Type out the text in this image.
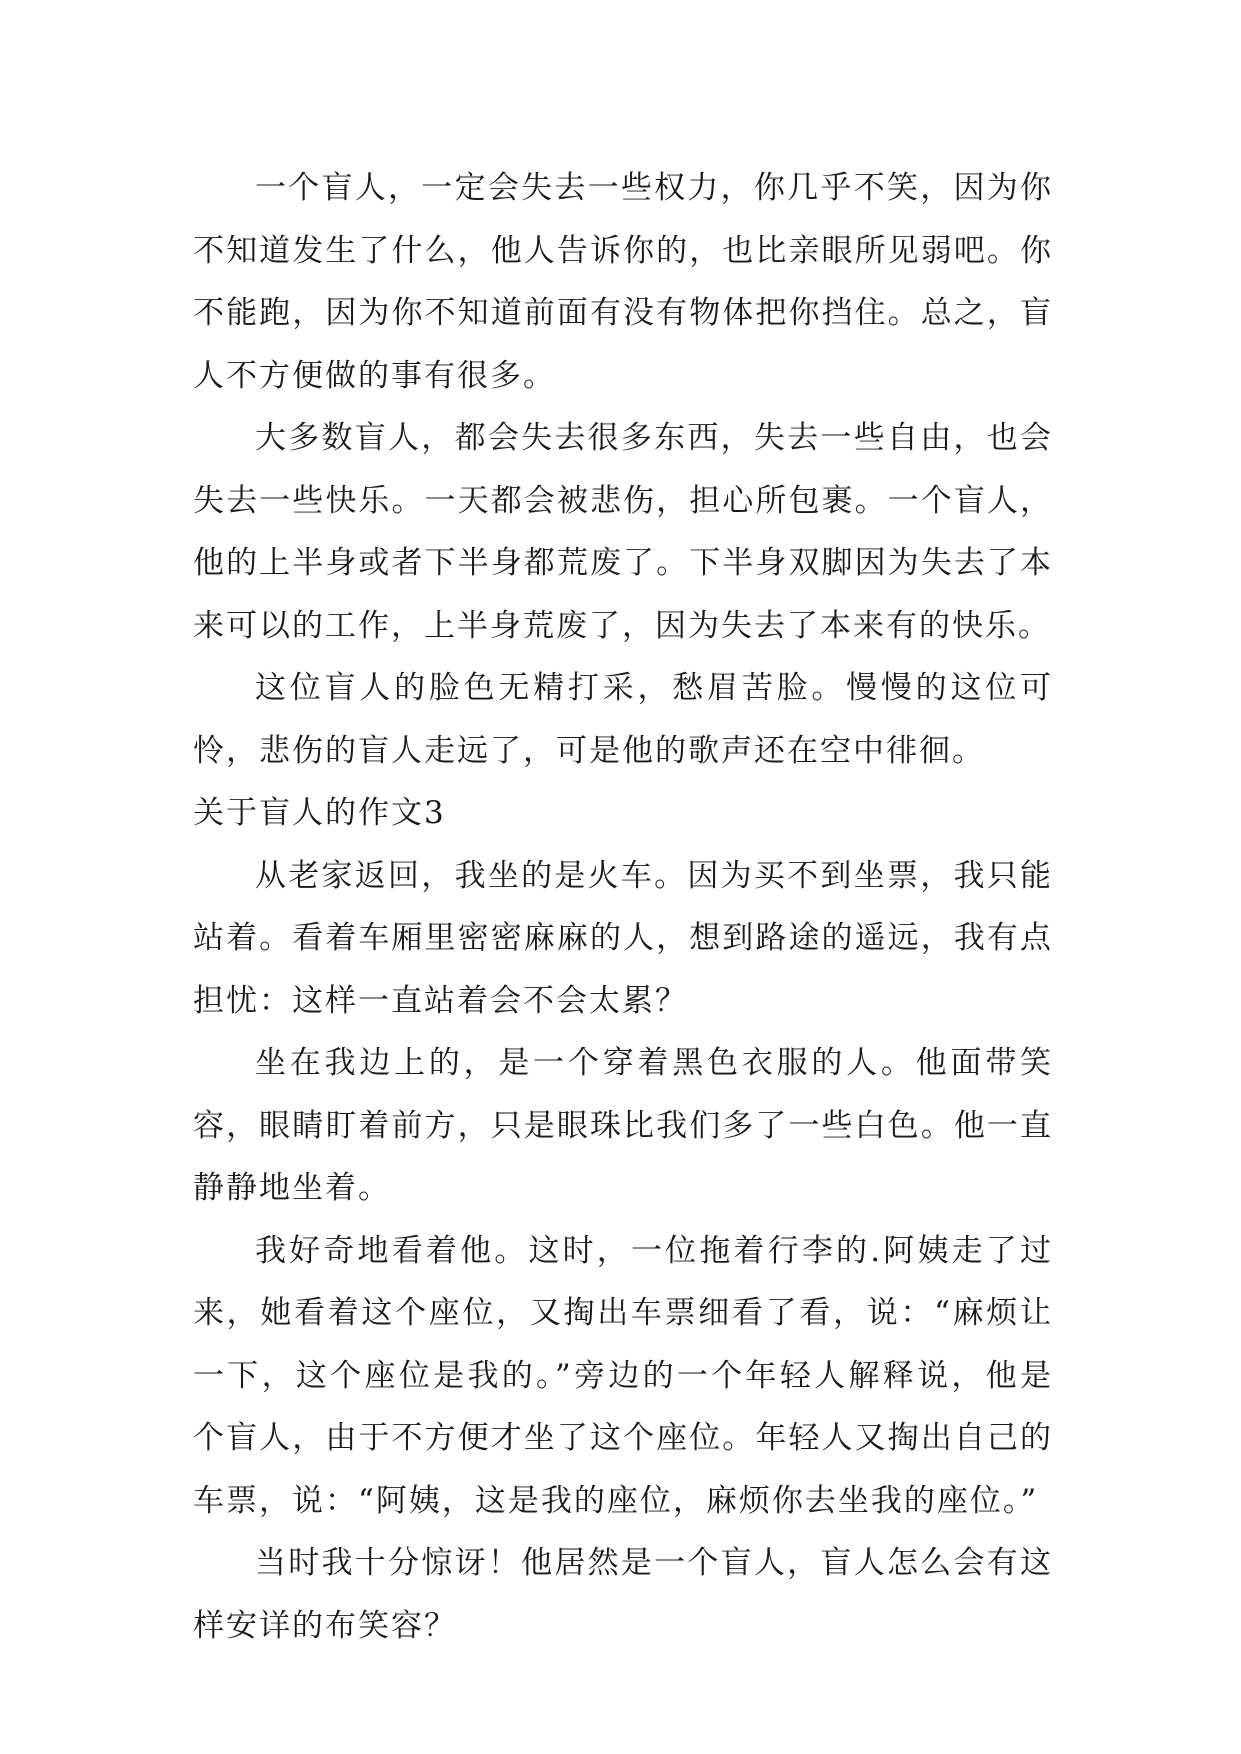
一个盲人，一定会失去一些权力，你几乎不笑，因为你不知道发生了什么，他人告诉你的，也比亲眼所见弱吧。你不能跑，因为你不知道前面有没有物体把你挡住。总之，盲人不方便做的事有很多。

大多数盲人，都会失去很多东西，失去一些自由，也会失去一些快乐。一天都会被悲伤，担心所包裹。一个盲人，他的上半身或者下半身都荒废了。下半身双脚因为失去了本来可以的工作，上半身荒废了，因为失去了本来有的快乐。

这位盲人的脸色无精打采，愁眉苦脸。慢慢的这位可怜，悲伤的盲人走远了，可是他的歌声还在空中徘徊。

关于盲人的作文3

从老家返回，我坐的是火车。因为买不到坐票，我只能站着。看着车厢里密密麻麻的人，想到路途的遥远，我有点担忧：这样一直站着会不会太累？

坐在我边上的，是一个穿着黑色衣服的人。他面带笑容，眼睛盯着前方，只是眼珠比我们多了一些白色。他一直静静地坐着。

我好奇地看着他。这时，一位拖着行李的.阿姨走了过来，她看着这个座位，又掏出车票细看了看，说：“麻烦让一下，这个座位是我的。”旁边的一个年轻人解释说，他是个盲人，由于不方便才坐了这个座位。年轻人又掏出自己的车票，说：“阿姨，这是我的座位，麻烦你去坐我的座位。”

当时我十分惊讶！他居然是一个盲人，盲人怎么会有这样安详的布笑容？
